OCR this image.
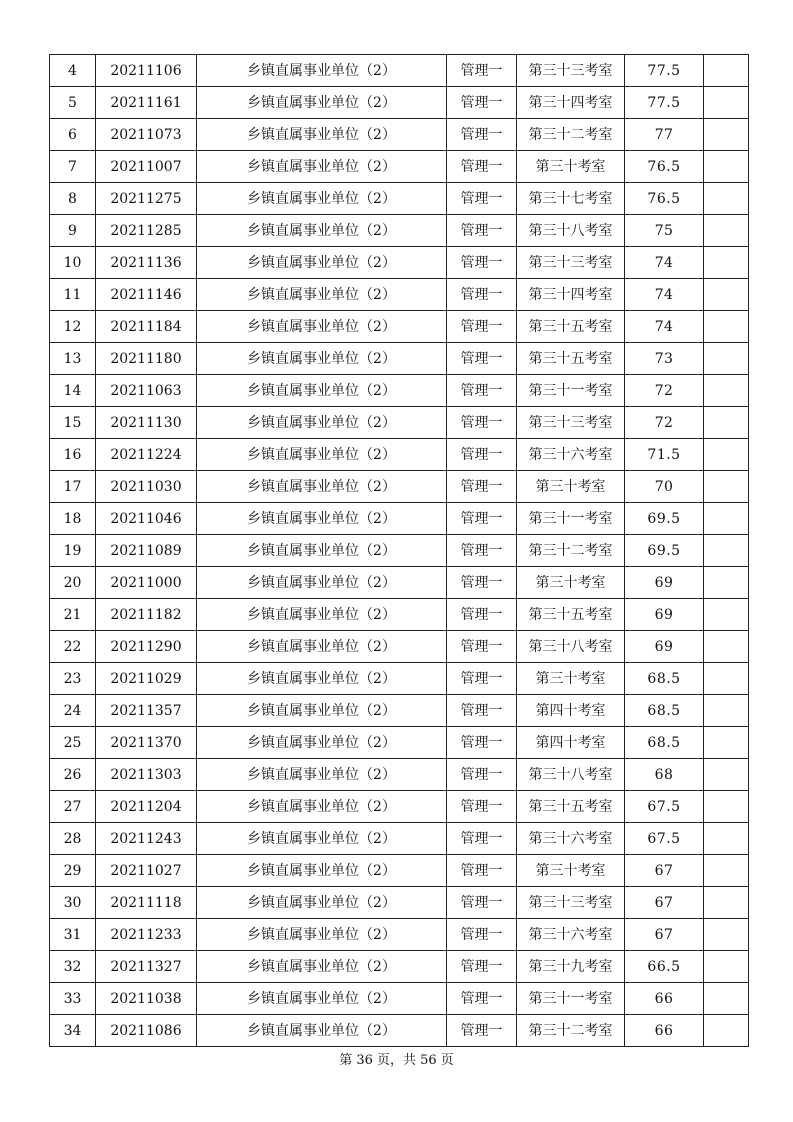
4	20211106	乡镇直属事业单位（2）	管理一	第三十三考室	77.5	
5	20211161	乡镇直属事业单位（2）	管理一	第三十四考室	77.5	
6	20211073	乡镇直属事业单位（2）	管理一	第三十二考室	77	
7	20211007	乡镇直属事业单位（2）	管理一	第三十考室	76.5	
8	20211275	乡镇直属事业单位（2）	管理一	第三十七考室	76.5	
9	20211285	乡镇直属事业单位（2）	管理一	第三十八考室	75	
10	20211136	乡镇直属事业单位（2）	管理一	第三十三考室	74	
11	20211146	乡镇直属事业单位（2）	管理一	第三十四考室	74	
12	20211184	乡镇直属事业单位（2）	管理一	第三十五考室	74	
13	20211180	乡镇直属事业单位（2）	管理一	第三十五考室	73	
14	20211063	乡镇直属事业单位（2）	管理一	第三十一考室	72	
15	20211130	乡镇直属事业单位（2）	管理一	第三十三考室	72	
16	20211224	乡镇直属事业单位（2）	管理一	第三十六考室	71.5	
17	20211030	乡镇直属事业单位（2）	管理一	第三十考室	70	
18	20211046	乡镇直属事业单位（2）	管理一	第三十一考室	69.5	
19	20211089	乡镇直属事业单位（2）	管理一	第三十二考室	69.5	
20	20211000	乡镇直属事业单位（2）	管理一	第三十考室	69	
21	20211182	乡镇直属事业单位（2）	管理一	第三十五考室	69	
22	20211290	乡镇直属事业单位（2）	管理一	第三十八考室	69	
23	20211029	乡镇直属事业单位（2）	管理一	第三十考室	68.5	
24	20211357	乡镇直属事业单位（2）	管理一	第四十考室	68.5	
25	20211370	乡镇直属事业单位（2）	管理一	第四十考室	68.5	
26	20211303	乡镇直属事业单位（2）	管理一	第三十八考室	68	
27	20211204	乡镇直属事业单位（2）	管理一	第三十五考室	67.5	
28	20211243	乡镇直属事业单位（2）	管理一	第三十六考室	67.5	
29	20211027	乡镇直属事业单位（2）	管理一	第三十考室	67	
30	20211118	乡镇直属事业单位（2）	管理一	第三十三考室	67	
31	20211233	乡镇直属事业单位（2）	管理一	第三十六考室	67	
32	20211327	乡镇直属事业单位（2）	管理一	第三十九考室	66.5	
33	20211038	乡镇直属事业单位（2）	管理一	第三十一考室	66	
34	20211086	乡镇直属事业单位（2）	管理一	第三十二考室	66	
第 36 页，共 56 页
